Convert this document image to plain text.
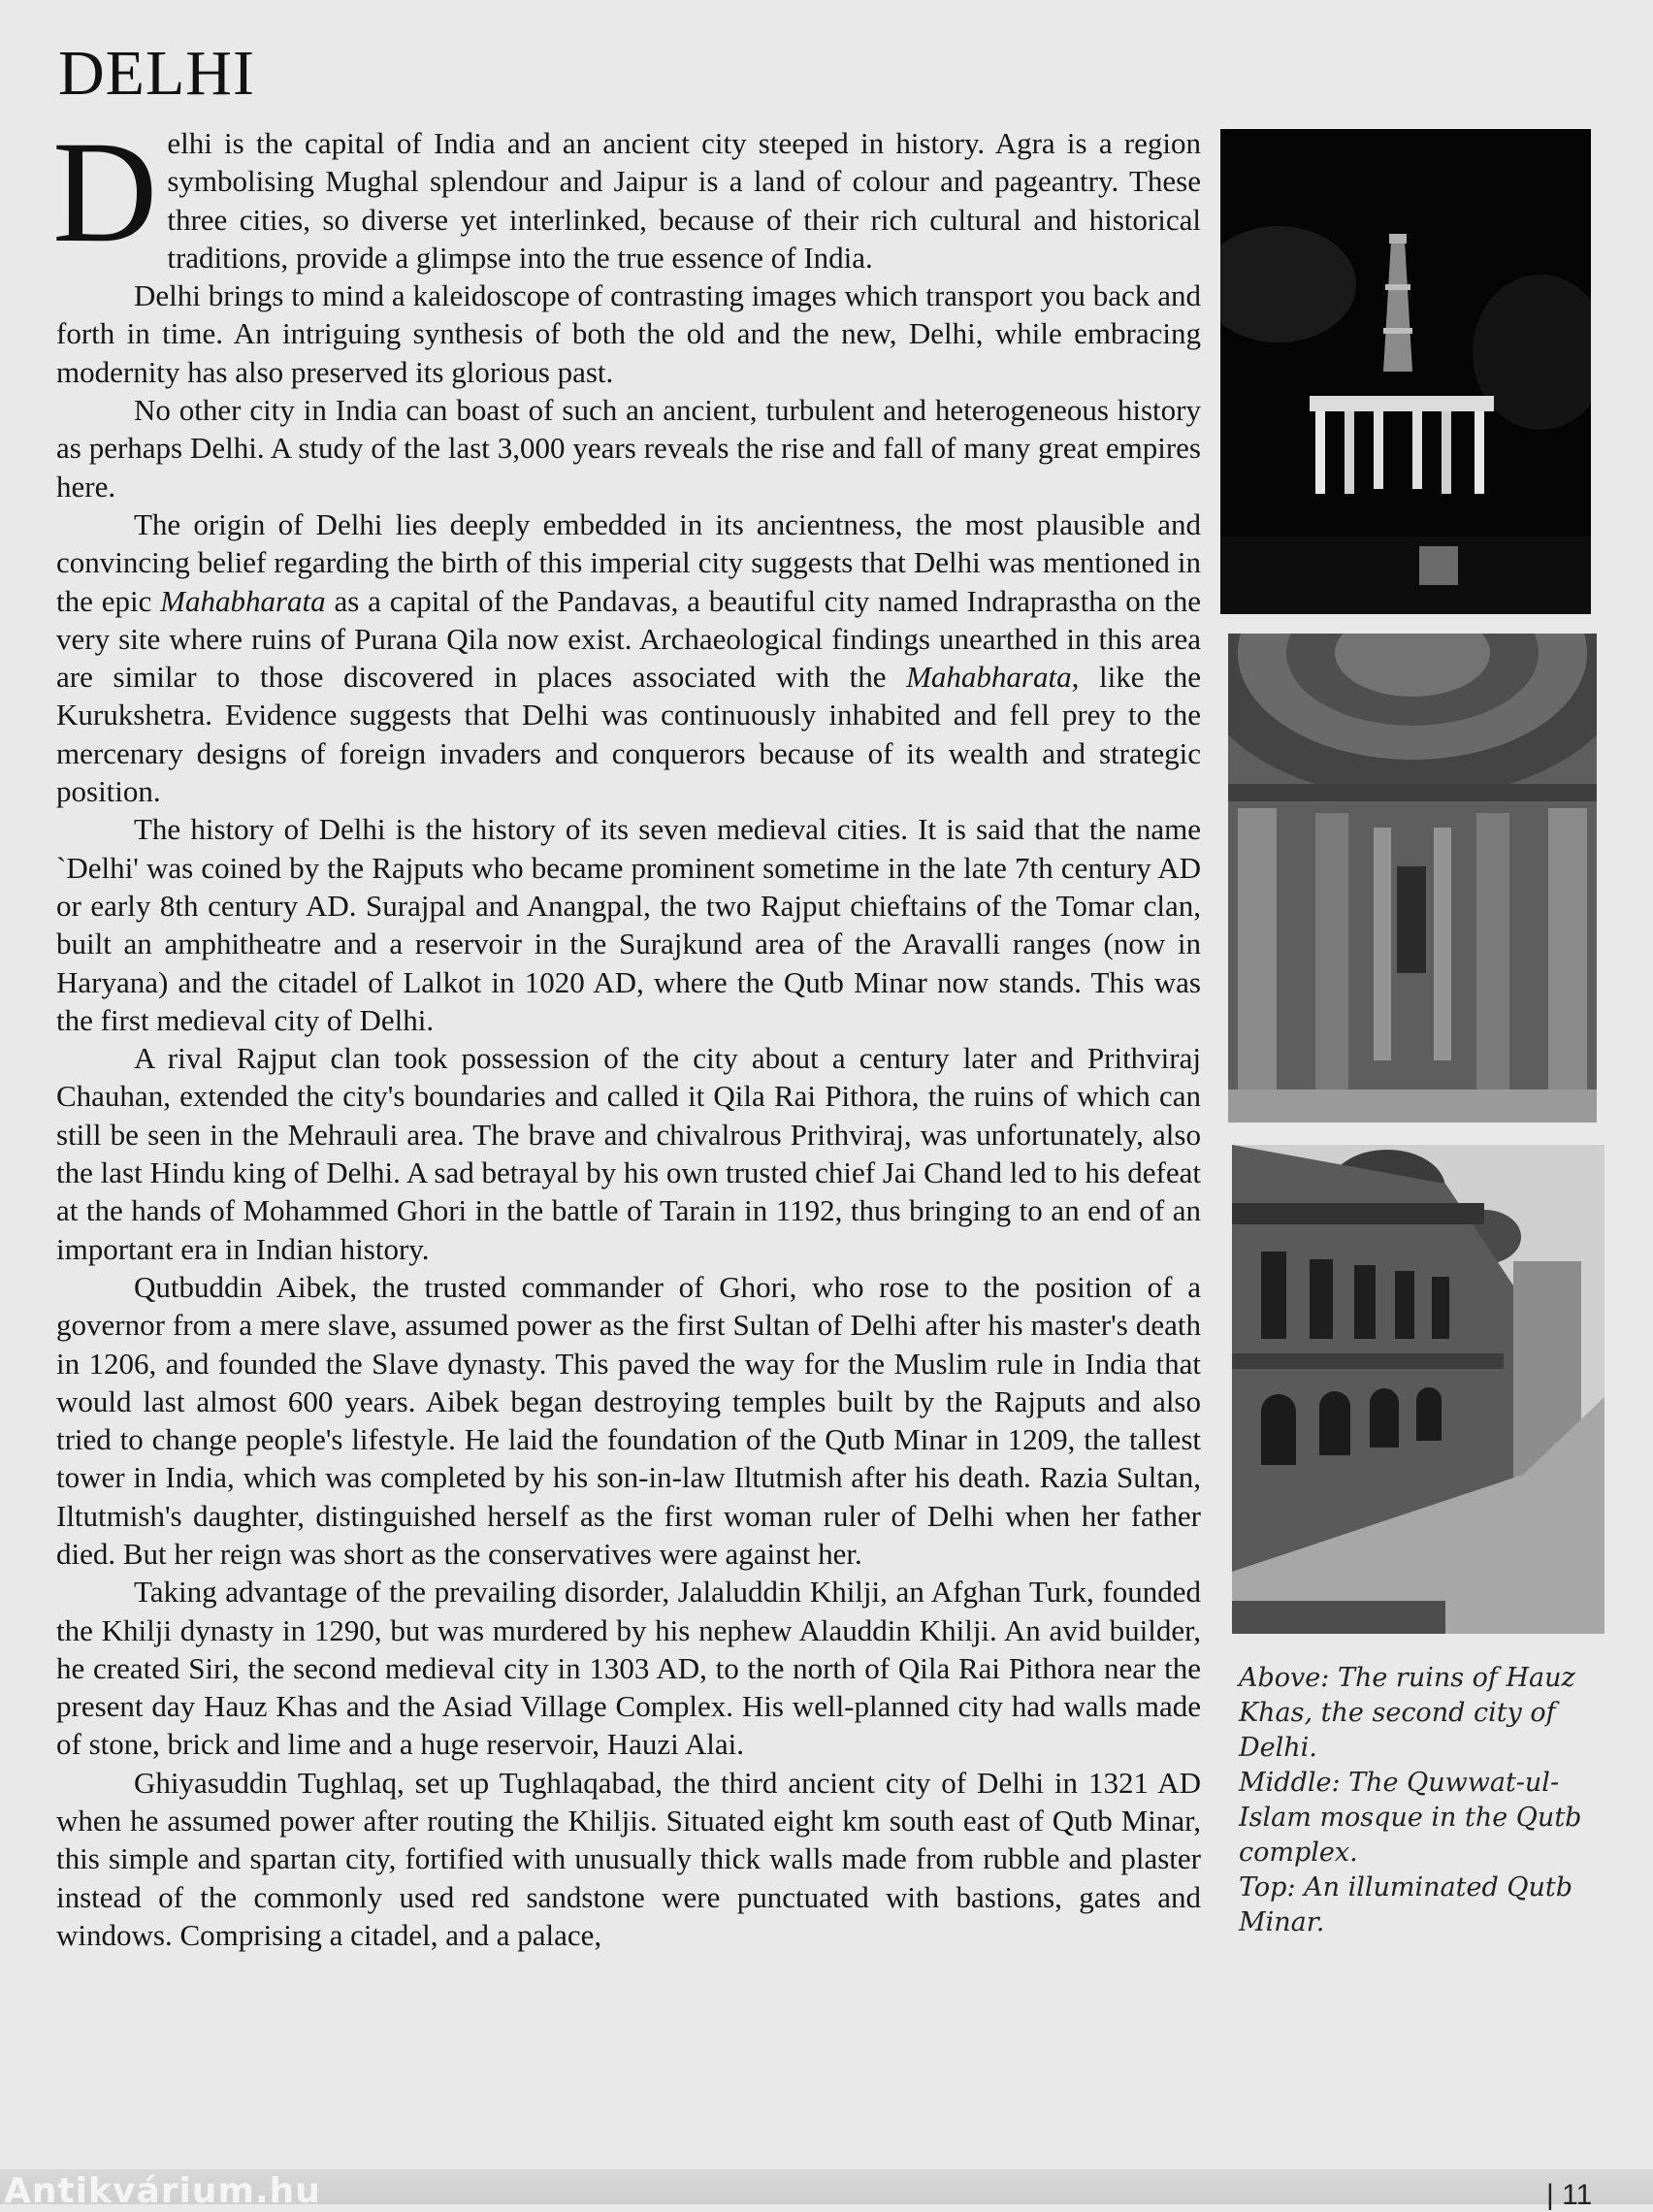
DELHI

Delhi is the capital of India and an ancient city steeped in history. Agra is a region symbolising Mughal splendour and Jaipur is a land of colour and pageantry. These three cities, so diverse yet interlinked, because of their rich cultural and historical traditions, provide a glimpse into the true essence of India.

Delhi brings to mind a kaleidoscope of contrasting images which transport you back and forth in time. An intriguing synthesis of both the old and the new, Delhi, while embracing modernity has also preserved its glorious past.

No other city in India can boast of such an ancient, turbulent and heterogeneous history as perhaps Delhi. A study of the last 3,000 years reveals the rise and fall of many great empires here.

The origin of Delhi lies deeply embedded in its ancientness, the most plausible and convincing belief regarding the birth of this imperial city suggests that Delhi was mentioned in the epic Mahabharata as a capital of the Pandavas, a beautiful city named Indraprastha on the very site where ruins of Purana Qila now exist. Archaeological findings unearthed in this area are similar to those discovered in places associated with the Mahabharata, like the Kurukshetra. Evidence suggests that Delhi was continuously inhabited and fell prey to the mercenary designs of foreign invaders and conquerors because of its wealth and strategic position.

The history of Delhi is the history of its seven medieval cities. It is said that the name `Delhi' was coined by the Rajputs who became prominent sometime in the late 7th century AD or early 8th century AD. Surajpal and Anangpal, the two Rajput chieftains of the Tomar clan, built an amphitheatre and a reservoir in the Surajkund area of the Aravalli ranges (now in Haryana) and the citadel of Lalkot in 1020 AD, where the Qutb Minar now stands. This was the first medieval city of Delhi.

A rival Rajput clan took possession of the city about a century later and Prithviraj Chauhan, extended the city's boundaries and called it Qila Rai Pithora, the ruins of which can still be seen in the Mehrauli area. The brave and chivalrous Prithviraj, was unfortunately, also the last Hindu king of Delhi. A sad betrayal by his own trusted chief Jai Chand led to his defeat at the hands of Mohammed Ghori in the battle of Tarain in 1192, thus bringing to an end of an important era in Indian history.

Qutbuddin Aibek, the trusted commander of Ghori, who rose to the position of a governor from a mere slave, assumed power as the first Sultan of Delhi after his master's death in 1206, and founded the Slave dynasty. This paved the way for the Muslim rule in India that would last almost 600 years. Aibek began destroying temples built by the Rajputs and also tried to change people's lifestyle. He laid the foundation of the Qutb Minar in 1209, the tallest tower in India, which was completed by his son-in-law Iltutmish after his death. Razia Sultan, Iltutmish's daughter, distinguished herself as the first woman ruler of Delhi when her father died. But her reign was short as the conservatives were against her.

Taking advantage of the prevailing disorder, Jalaluddin Khilji, an Afghan Turk, founded the Khilji dynasty in 1290, but was murdered by his nephew Alauddin Khilji. An avid builder, he created Siri, the second medieval city in 1303 AD, to the north of Qila Rai Pithora near the present day Hauz Khas and the Asiad Village Complex. His well-planned city had walls made of stone, brick and lime and a huge reservoir, Hauzi Alai.

Ghiyasuddin Tughlaq, set up Tughlaqabad, the third ancient city of Delhi in 1321 AD when he assumed power after routing the Khiljis. Situated eight km south east of Qutb Minar, this simple and spartan city, fortified with unusually thick walls made from rubble and plaster instead of the commonly used red sandstone were punctuated with bastions, gates and windows. Comprising a citadel, and a palace,

Above: The ruins of Hauz Khas, the second city of Delhi.
Middle: The Quwwat-ul-Islam mosque in the Qutb complex.
Top: An illuminated Qutb Minar.
Antikvárium.hu	| 11
